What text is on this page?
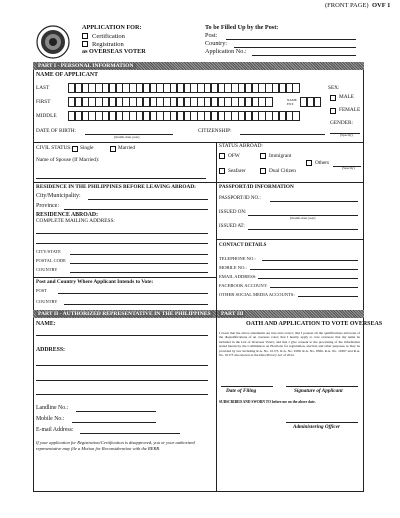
(FRONT PAGE) OVF 1
APPLICATION FOR:
Certification
Registration
as OVERSEAS VOTER
To be Filled Up by the Post:
Post:
Country:
Application No.:
PART I - PERSONAL INFORMATION
NAME OF APPLICANT
LAST
FIRST	NAME EXT.
MIDDLE
SEX:
MALE
FEMALE
GENDER:
(Specify)
DATE OF BIRTH:
(month-date-year)
CITIZENSHIP:
CIVIL STATUS: Single	Married
Name of Spouse (If Married):
STATUS ABROAD:
OFW	Immigrant
Others
(Specify)
Seafarer	Dual Citizen
RESIDENCE IN THE PHILIPPINES BEFORE LEAVING ABROAD:
City/Municipality:
Province:
RESIDENCE ABROAD:
COMPLETE MAILING ADDRESS:
CITY/STATE
POSTAL CODE
COUNTRY
Post and Country Where Applicant Intends to Vote:
POST
COUNTRY
PASSPORT/ID INFORMATION
PASSPORT/ID NO.:
ISSUED ON:
(month-date-year)
ISSUED AT:
CONTACT DETAILS
TELEPHONE NO.:
MOBILE NO.:
EMAIL ADDRESS:
FACEBOOK ACCOUNT:
OTHER SOCIAL MEDIA ACCOUNTS:
PART II - AUTHORIZED REPRESENTATIVE IN THE PHILIPPINES	PART III
NAME:
ADDRESS:
Landline No.:
Mobile No.:
E-mail Address:
If your application for Registration/Certification is disapproved, you or your authorized representative may file a Motion for Reconsideration with the RERB.
OATH AND APPLICATION TO VOTE OVERSEAS
I swear that the above statements are true and correct; that I possess all the qualifications and none of the disqualifications of an overseas voter; that I hereby apply to vote overseas; that my name be included in the List of Overseas Voters; and that I give consent to the processing of the information stated herein by the Commission on Elections for registration, election and other purposes as may be provided by law including R.A. No. 10173, R.A. No. 9189, R.A. No. 9369, R.A. No. 10367 and R.A. No. 10173 also known as the Data Privacy Act of 2012.
Date of Filing	Signature of Applicant
SUBSCRIBED AND SWORN TO before me on the above date.
Administering Officer
